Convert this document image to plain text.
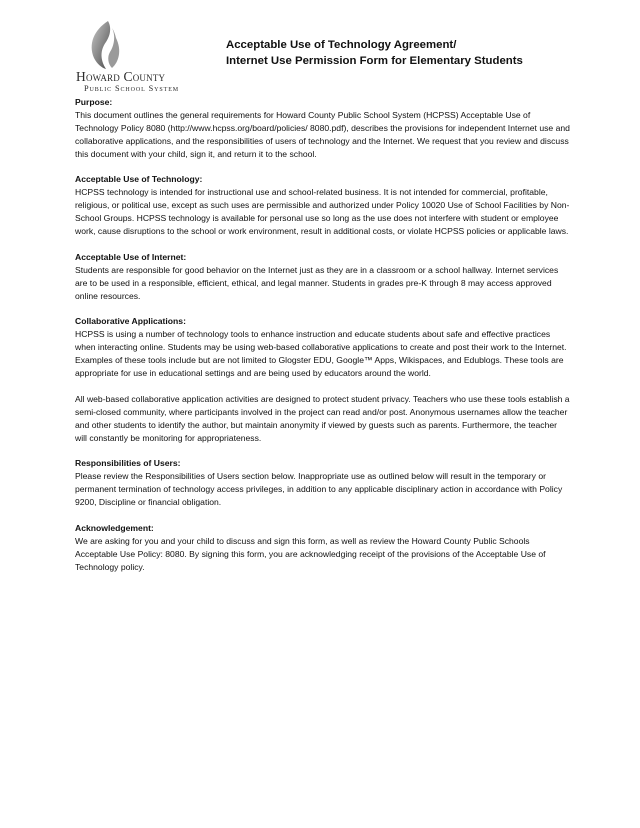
Howard County
Public School System
Acceptable Use of Technology Agreement/
Internet Use Permission Form for Elementary Students

Purpose:

This document outlines the general requirements for Howard County Public School System (HCPSS) Acceptable Use of Technology Policy 8080 (http://www.hcpss.org/board/policies/ 8080.pdf), describes the provisions for independent Internet use and collaborative applications, and the responsibilities of users of technology and the Internet. We request that you review and discuss this document with your child, sign it, and return it to the school.

Acceptable Use of Technology:

HCPSS technology is intended for instructional use and school-related business. It is not intended for commercial, profitable, religious, or political use, except as such uses are permissible and authorized under Policy 10020 Use of School Facilities by Non-School Groups. HCPSS technology is available for personal use so long as the use does not interfere with student or employee work, cause disruptions to the school or work environment, result in additional costs, or violate HCPSS policies or applicable laws.

Acceptable Use of Internet:

Students are responsible for good behavior on the Internet just as they are in a classroom or a school hallway. Internet services are to be used in a responsible, efficient, ethical, and legal manner. Students in grades pre-K through 8 may access approved online resources.

Collaborative Applications:

HCPSS is using a number of technology tools to enhance instruction and educate students about safe and effective practices when interacting online. Students may be using web-based collaborative applications to create and post their work to the Internet. Examples of these tools include but are not limited to Glogster EDU, Google™ Apps, Wikispaces, and Edublogs. These tools are appropriate for use in educational settings and are being used by educators around the world.

All web-based collaborative application activities are designed to protect student privacy. Teachers who use these tools establish a semi-closed community, where participants involved in the project can read and/or post. Anonymous usernames allow the teacher and other students to identify the author, but maintain anonymity if viewed by guests such as parents. Furthermore, the teacher will constantly be monitoring for appropriateness.

Responsibilities of Users:

Please review the Responsibilities of Users section below. Inappropriate use as outlined below will result in the temporary or permanent termination of technology access privileges, in addition to any applicable disciplinary action in accordance with Policy 9200, Discipline or financial obligation.

Acknowledgement:

We are asking for you and your child to discuss and sign this form, as well as review the Howard County Public Schools Acceptable Use Policy: 8080. By signing this form, you are acknowledging receipt of the provisions of the Acceptable Use of Technology policy.
